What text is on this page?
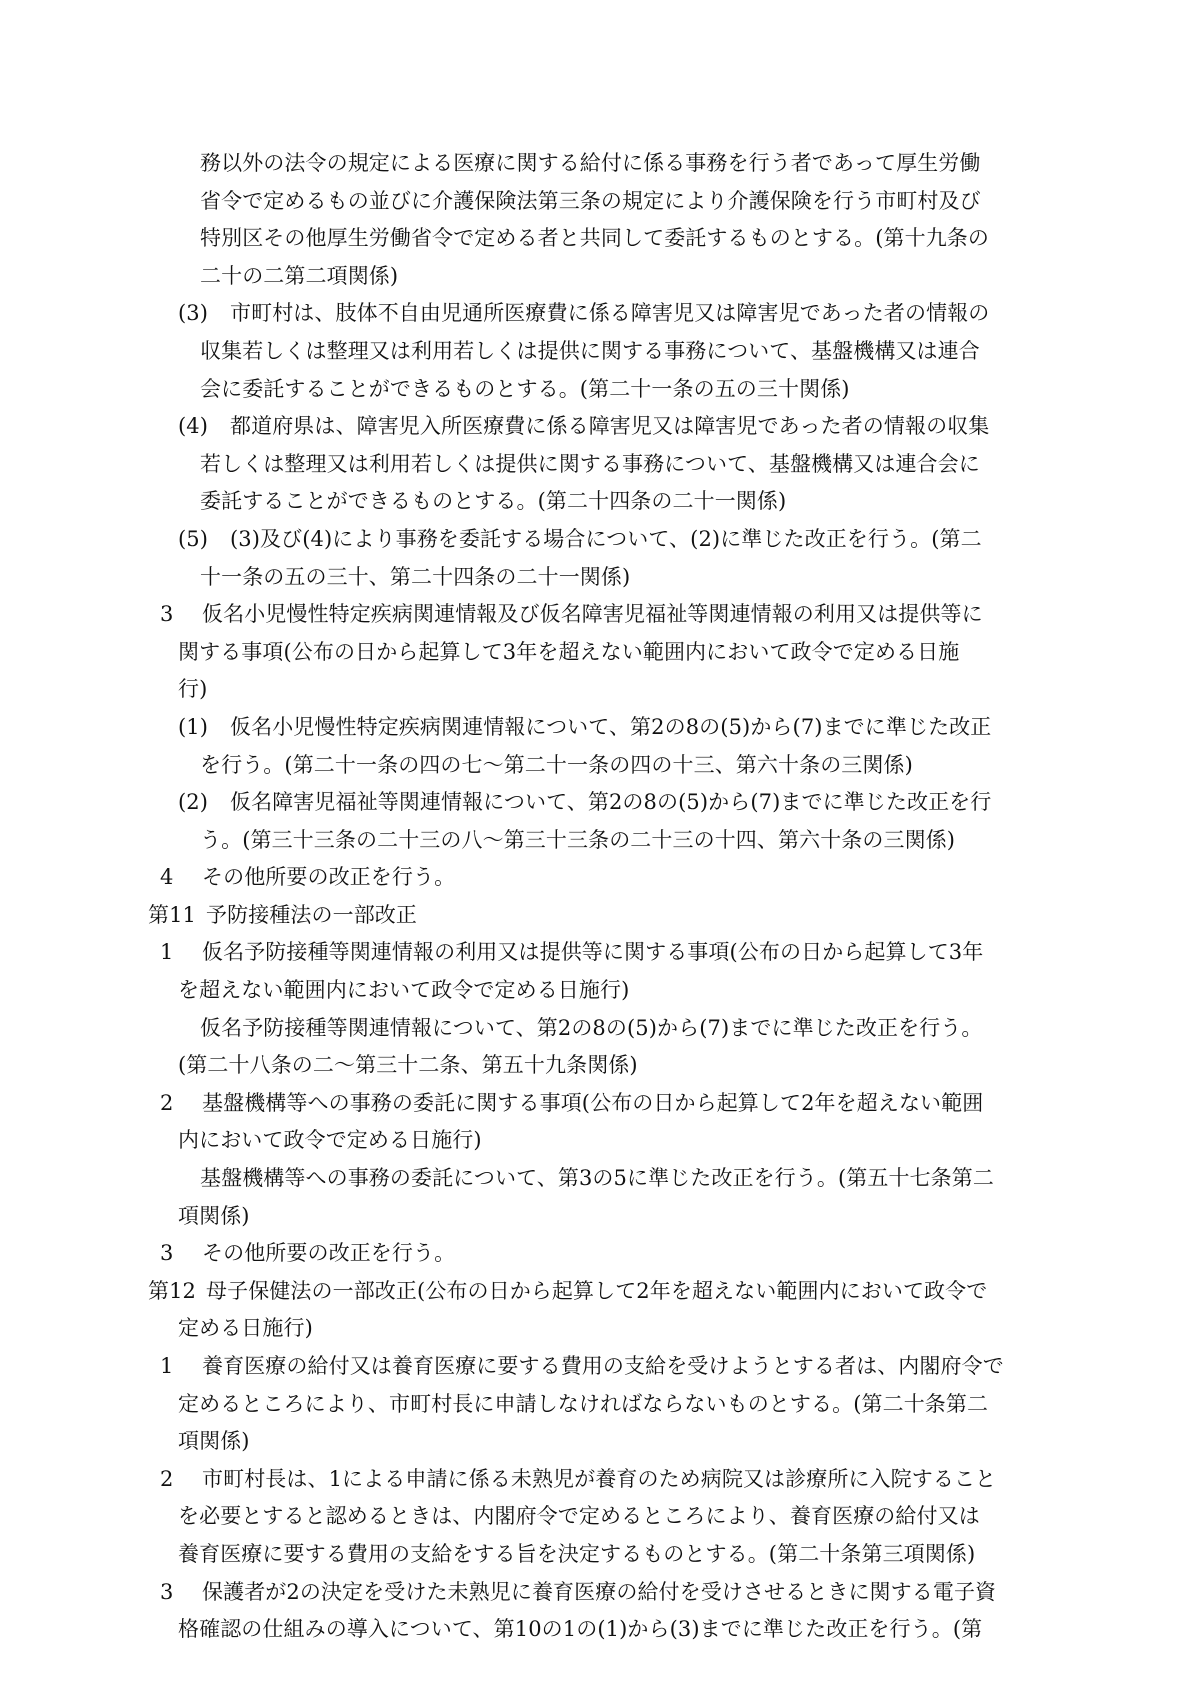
務以外の法令の規定による医療に関する給付に係る事務を行う者であって厚生労働
省令で定めるもの並びに介護保険法第三条の規定により介護保険を行う市町村及び
特別区その他厚生労働省令で定める者と共同して委託するものとする。(第十九条の
二十の二第二項関係)
(3) 市町村は、肢体不自由児通所医療費に係る障害児又は障害児であった者の情報の
収集若しくは整理又は利用若しくは提供に関する事務について、基盤機構又は連合
会に委託することができるものとする。(第二十一条の五の三十関係)
(4) 都道府県は、障害児入所医療費に係る障害児又は障害児であった者の情報の収集
若しくは整理又は利用若しくは提供に関する事務について、基盤機構又は連合会に
委託することができるものとする。(第二十四条の二十一関係)
(5) (3)及び(4)により事務を委託する場合について、(2)に準じた改正を行う。(第二
十一条の五の三十、第二十四条の二十一関係)
3 仮名小児慢性特定疾病関連情報及び仮名障害児福祉等関連情報の利用又は提供等に
関する事項(公布の日から起算して3年を超えない範囲内において政令で定める日施
行)
(1) 仮名小児慢性特定疾病関連情報について、第2の8の(5)から(7)までに準じた改正
を行う。(第二十一条の四の七～第二十一条の四の十三、第六十条の三関係)
(2) 仮名障害児福祉等関連情報について、第2の8の(5)から(7)までに準じた改正を行
う。(第三十三条の二十三の八～第三十三条の二十三の十四、第六十条の三関係)
4 その他所要の改正を行う。
第11 予防接種法の一部改正
1 仮名予防接種等関連情報の利用又は提供等に関する事項(公布の日から起算して3年
を超えない範囲内において政令で定める日施行)
仮名予防接種等関連情報について、第2の8の(5)から(7)までに準じた改正を行う。
(第二十八条の二～第三十二条、第五十九条関係)
2 基盤機構等への事務の委託に関する事項(公布の日から起算して2年を超えない範囲
内において政令で定める日施行)
基盤機構等への事務の委託について、第3の5に準じた改正を行う。(第五十七条第二
項関係)
3 その他所要の改正を行う。
第12 母子保健法の一部改正(公布の日から起算して2年を超えない範囲内において政令で
定める日施行)
1 養育医療の給付又は養育医療に要する費用の支給を受けようとする者は、内閣府令で
定めるところにより、市町村長に申請しなければならないものとする。(第二十条第二
項関係)
2 市町村長は、1による申請に係る未熟児が養育のため病院又は診療所に入院すること
を必要とすると認めるときは、内閣府令で定めるところにより、養育医療の給付又は
養育医療に要する費用の支給をする旨を決定するものとする。(第二十条第三項関係)
3 保護者が2の決定を受けた未熟児に養育医療の給付を受けさせるときに関する電子資
格確認の仕組みの導入について、第10の1の(1)から(3)までに準じた改正を行う。(第
